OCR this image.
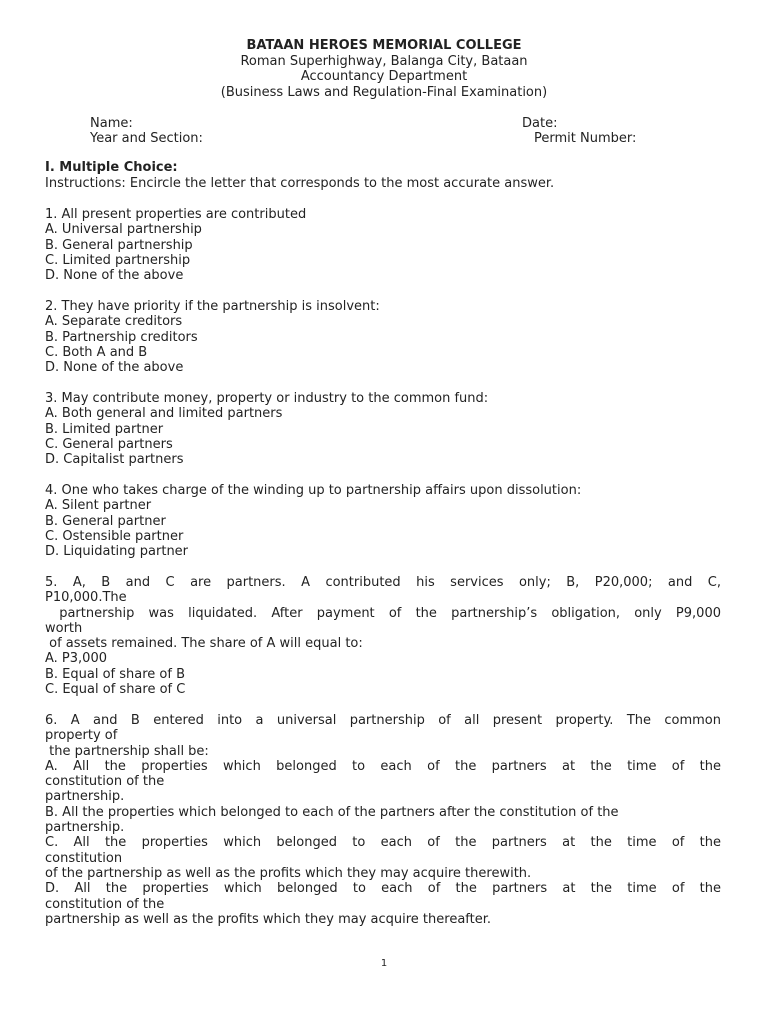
BATAAN HEROES MEMORIAL COLLEGE
Roman Superhighway, Balanga City, Bataan
Accountancy Department
(Business Laws and Regulation-Final Examination)
Name:	Date:
Year and Section:	Permit Number:
I. Multiple Choice:
Instructions: Encircle the letter that corresponds to the most accurate answer.
1. All present properties are contributed
A. Universal partnership
B. General partnership
C. Limited partnership
D. None of the above
2. They have priority if the partnership is insolvent:
A. Separate creditors
B. Partnership creditors
C. Both A and B
D. None of the above
3. May contribute money, property or industry to the common fund:
A. Both general and limited partners
B. Limited partner
C. General partners
D. Capitalist partners
4. One who takes charge of the winding up to partnership affairs upon dissolution:
A. Silent partner
B. General partner
C. Ostensible partner
D. Liquidating partner
5. A, B and C are partners. A contributed his services only; B, P20,000; and C,
P10,000.The
partnership was liquidated. After payment of the partnership’s obligation, only P9,000
worth
of assets remained. The share of A will equal to:
A. P3,000
B. Equal of share of B
C. Equal of share of C
6. A and B entered into a universal partnership of all present property. The common
property of
the partnership shall be:
A. All the properties which belonged to each of the partners at the time of the
constitution of the
partnership.
B. All the properties which belonged to each of the partners after the constitution of the
partnership.
C. All the properties which belonged to each of the partners at the time of the
constitution
of the partnership as well as the profits which they may acquire therewith.
D. All the properties which belonged to each of the partners at the time of the
constitution of the
partnership as well as the profits which they may acquire thereafter.
1
